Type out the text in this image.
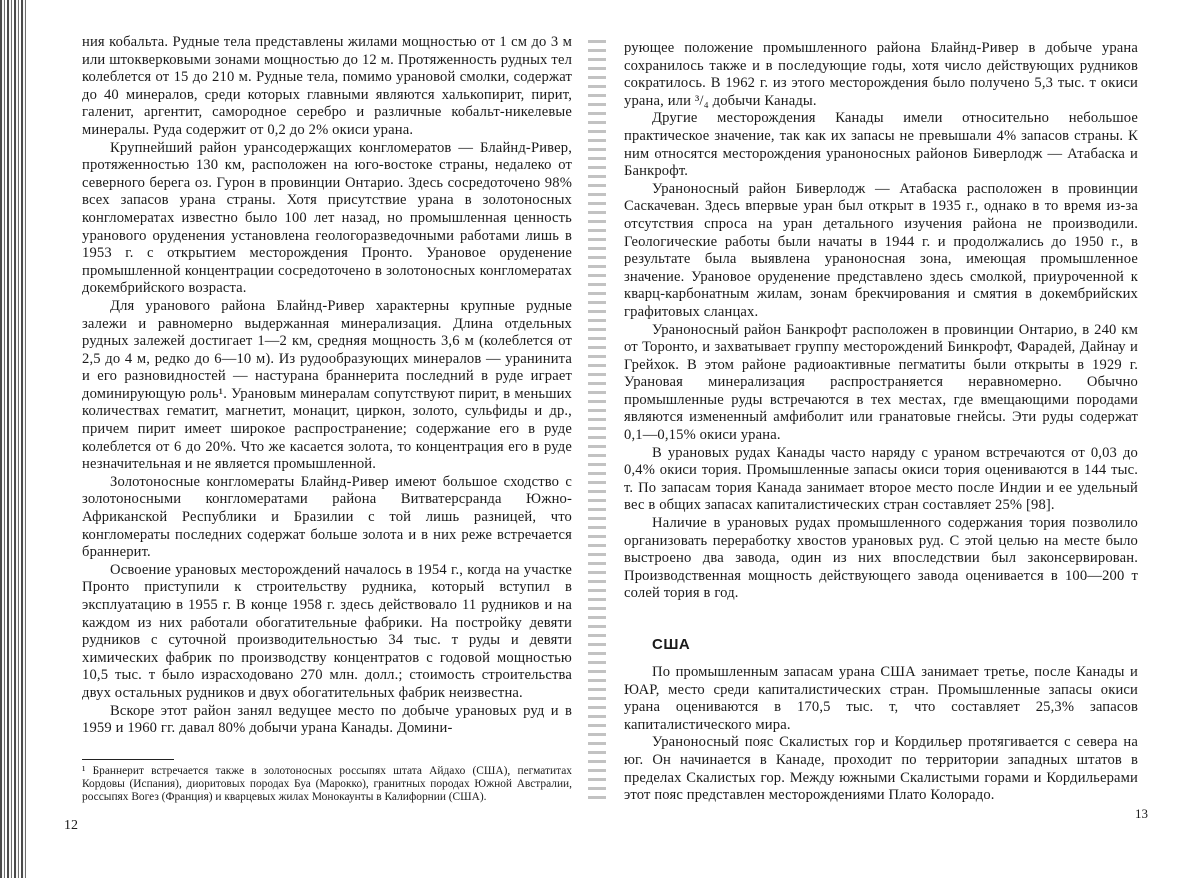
ния кобальта. Рудные тела представлены жилами мощностью от 1 см до 3 м или штокверковыми зонами мощностью до 12 м. Протяженность рудных тел колеблется от 15 до 210 м. Рудные тела, помимо урановой смолки, содержат до 40 минералов, среди которых главными являются халькопирит, пирит, галенит, аргентит, самородное серебро и различные кобальт-никелевые минералы. Руда содержит от 0,2 до 2% окиси урана.

Крупнейший район урансодержащих конгломератов — Блайнд-Ривер, протяженностью 130 км, расположен на юго-востоке страны, недалеко от северного берега оз. Гурон в провинции Онтарио. Здесь сосредоточено 98% всех запасов урана страны. Хотя присутствие урана в золотоносных конгломератах известно было 100 лет назад, но промышленная ценность уранового оруденения установлена геологоразведочными работами лишь в 1953 г. с открытием месторождения Пронто. Урановое оруденение промышленной концентрации сосредоточено в золотоносных конгломератах докембрийского возраста.

Для уранового района Блайнд-Ривер характерны крупные рудные залежи и равномерно выдержанная минерализация. Длина отдельных рудных залежей достигает 1—2 км, средняя мощность 3,6 м (колеблется от 2,5 до 4 м, редко до 6—10 м). Из рудообразующих минералов — уранинита и его разновидностей — настурана браннерита последний в руде играет доминирующую роль¹. Урановым минералам сопутствуют пирит, в меньших количествах гематит, магнетит, монацит, циркон, золото, сульфиды и др., причем пирит имеет широкое распространение; содержание его в руде колеблется от 6 до 20%. Что же касается золота, то концентрация его в руде незначительная и не является промышленной.

Золотоносные конгломераты Блайнд-Ривер имеют большое сходство с золотоносными конгломератами района Витватерсранда Южно-Африканской Республики и Бразилии с той лишь разницей, что конгломераты последних содержат больше золота и в них реже встречается браннерит.

Освоение урановых месторождений началось в 1954 г., когда на участке Пронто приступили к строительству рудника, который вступил в эксплуатацию в 1955 г. В конце 1958 г. здесь действовало 11 рудников и на каждом из них работали обогатительные фабрики. На постройку девяти рудников с суточной производительностью 34 тыс. т руды и девяти химических фабрик по производству концентратов с годовой мощностью 10,5 тыс. т было израсходовано 270 млн. долл.; стоимость строительства двух остальных рудников и двух обогатительных фабрик неизвестна.

Вскоре этот район занял ведущее место по добыче урановых руд и в 1959 и 1960 гг. давал 80% добычи урана Канады. Домини-

¹ Браннерит встречается также в золотоносных россыпях штата Айдахо (США), пегматитах Кордовы (Испания), диоритовых породах Буа (Марокко), гранитных породах Южной Австралии, россыпях Вогез (Франция) и кварцевых жилах Монокаунты в Калифорнии (США).
12

рующее положение промышленного района Блайнд-Ривер в добыче урана сохранилось также и в последующие годы, хотя число действующих рудников сократилось. В 1962 г. из этого месторождения было получено 5,3 тыс. т окиси урана, или ³/₄ добычи Канады.

Другие месторождения Канады имели относительно небольшое практическое значение, так как их запасы не превышали 4% запасов страны. К ним относятся месторождения ураноносных районов Биверлодж — Атабаска и Банкрофт.

Ураноносный район Биверлодж — Атабаска расположен в провинции Саскачеван. Здесь впервые уран был открыт в 1935 г., однако в то время из-за отсутствия спроса на уран детального изучения района не производили. Геологические работы были начаты в 1944 г. и продолжались до 1950 г., в результате была выявлена ураноносная зона, имеющая промышленное значение. Урановое оруденение представлено здесь смолкой, приуроченной к кварц-карбонатным жилам, зонам брекчирования и смятия в докембрийских графитовых сланцах.

Ураноносный район Банкрофт расположен в провинции Онтарио, в 240 км от Торонто, и захватывает группу месторождений Бинкрофт, Фарадей, Дайнау и Грейхок. В этом районе радиоактивные пегматиты были открыты в 1929 г. Урановая минерализация распространяется неравномерно. Обычно промышленные руды встречаются в тех местах, где вмещающими породами являются измененный амфиболит или гранатовые гнейсы. Эти руды содержат 0,1—0,15% окиси урана.

В урановых рудах Канады часто наряду с ураном встречаются от 0,03 до 0,4% окиси тория. Промышленные запасы окиси тория оцениваются в 144 тыс. т. По запасам тория Канада занимает второе место после Индии и ее удельный вес в общих запасах капиталистических стран составляет 25% [98].

Наличие в урановых рудах промышленного содержания тория позволило организовать переработку хвостов урановых руд. С этой целью на месте было выстроено два завода, один из них впоследствии был законсервирован. Производственная мощность действующего завода оценивается в 100—200 т солей тория в год.

США

По промышленным запасам урана США занимает третье, после Канады и ЮАР, место среди капиталистических стран. Промышленные запасы окиси урана оцениваются в 170,5 тыс. т, что составляет 25,3% запасов капиталистического мира.

Ураноносный пояс Скалистых гор и Кордильер протягивается с севера на юг. Он начинается в Канаде, проходит по территории западных штатов в пределах Скалистых гор. Между южными Скалистыми горами и Кордильерами этот пояс представлен месторождениями Плато Колорадо.

13
